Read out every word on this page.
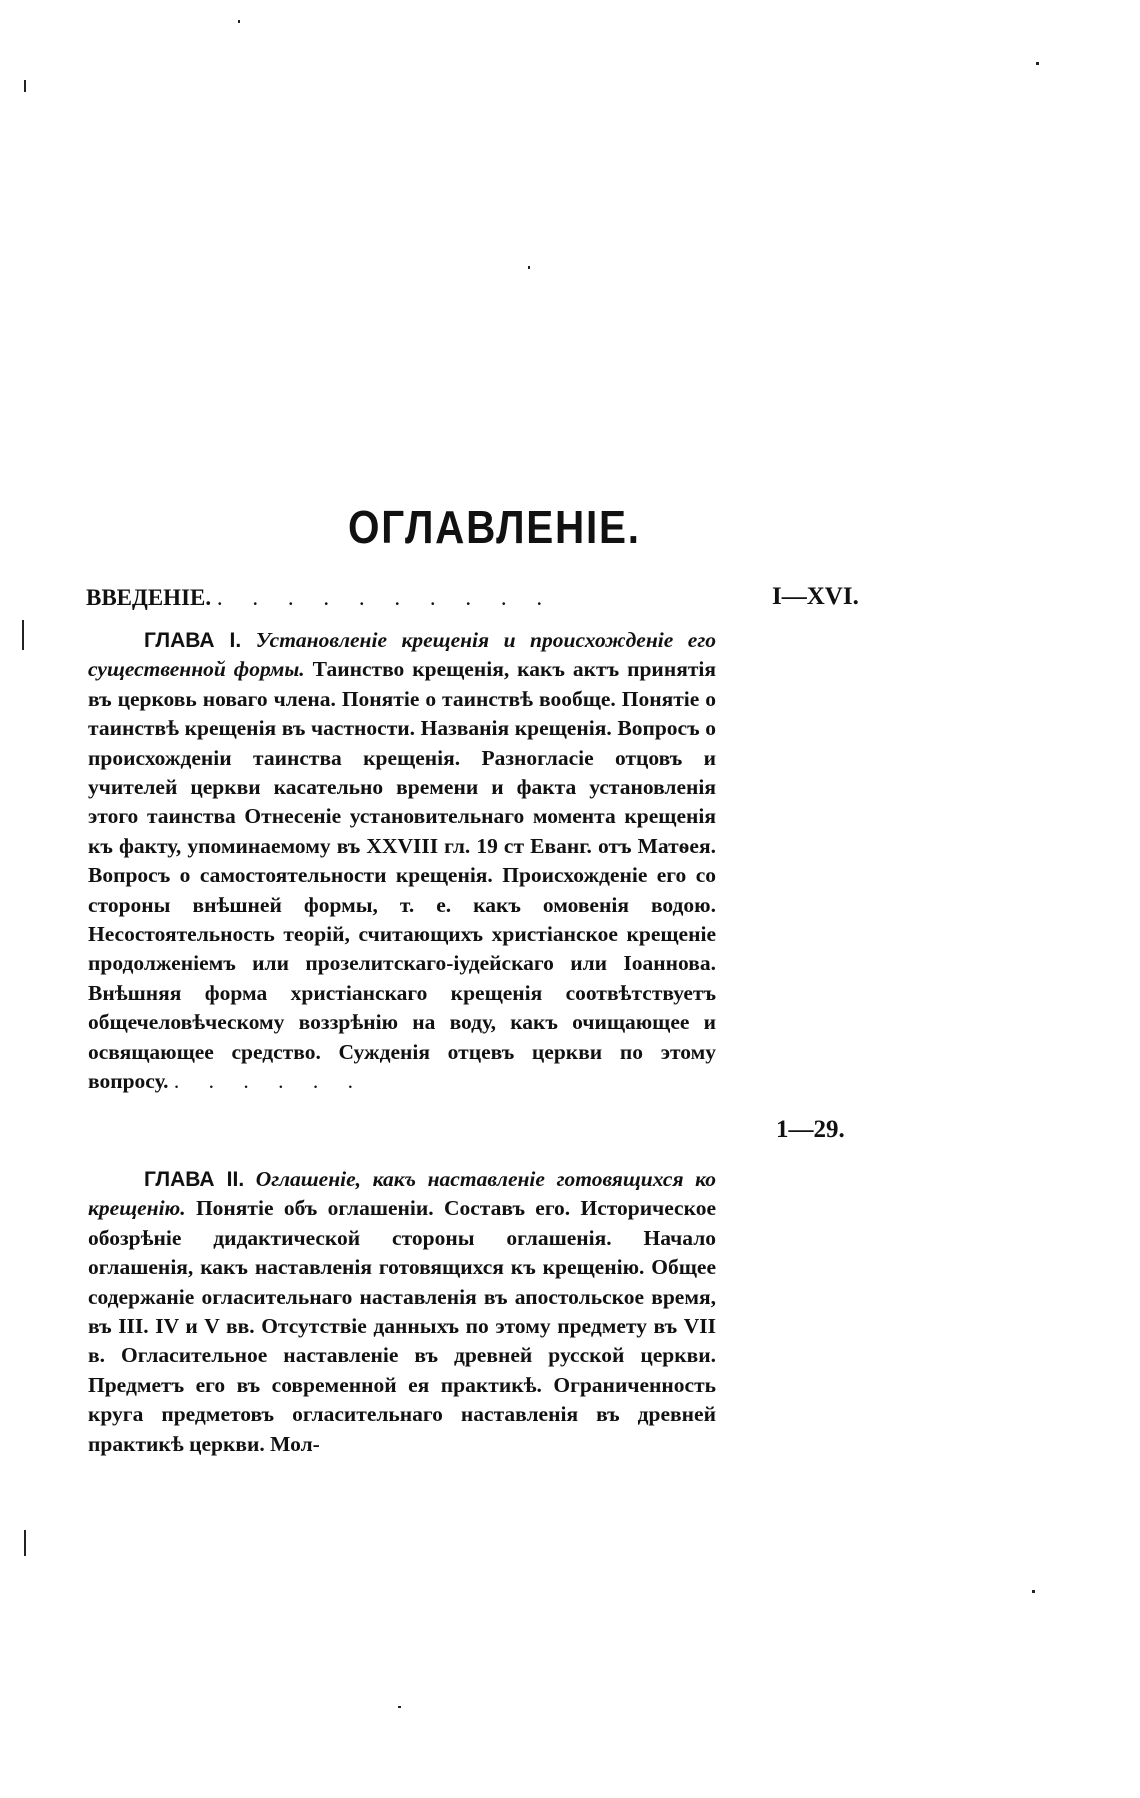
ОГЛАВЛЕНІЕ.
ВВЕДЕНІЕ. . . . . . . . . . .	I—XVI.
ГЛАВА I. Установленіе крещенія и происхожденіе его существенной формы. Таинство крещенія, какъ актъ принятія въ церковь новаго члена. Понятіе о таинствѣ вообще. Понятіе о таинствѣ крещенія въ частности. Названія крещенія. Вопросъ о происхожденіи таинства крещенія. Разногласіе отцовъ и учителей церкви касательно времени и факта установленія этого таинства Отнесеніе установительнаго момента крещенія къ факту, упоминаемому въ XXVIII гл. 19 ст Еванг. отъ Матѳея. Вопросъ о самостоятельности крещенія. Происхожденіе его со стороны внѣшней формы, т. е. какъ омовенія водою. Несостоятельность теорій, считающихъ христіанское крещеніе продолженіемъ или прозелитскаго-іудейскаго или Іоаннова. Внѣшняя форма христіанскаго крещенія соотвѣтствуетъ общечеловѣческому воззрѣнію на воду, какъ очищающее и освящающее средство. Сужденія отцевъ церкви по этому вопросу. . . . . . .
1—29.
ГЛАВА II. Оглашеніе, какъ наставленіе готовящихся ко крещенію. Понятіе объ оглашеніи. Составъ его. Историческое обозрѣніе дидактической стороны оглашенія. Начало оглашенія, какъ наставленія готовящихся къ крещенію. Общее содержаніе огласительнаго наставленія въ апостольское время, въ III. IV и V вв. Отсутствіе данныхъ по этому предмету въ VII в. Огласительное наставленіе въ древней русской церкви. Предметъ его въ современной ея практикѣ. Ограниченность круга предметовъ огласительнаго наставленія въ древней практикѣ церкви. Мол-
